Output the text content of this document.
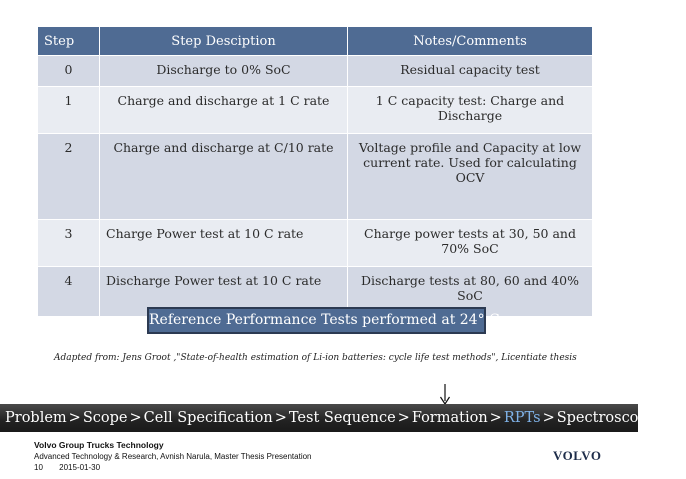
Step	Step Desciption	Notes/Comments
0	Discharge to 0% SoC	Residual capacity test
1	Charge and discharge at 1 C rate	1 C capacity test: Charge and Discharge
2	Charge and discharge at C/10 rate	Voltage profile and Capacity at low current rate. Used for calculating OCV
3	Charge Power test at 10 C rate	Charge power tests at 30, 50 and 70% SoC
4	Discharge Power test at 10 C rate	Discharge tests at 80, 60 and 40% SoC
Reference Performance Tests performed at 24° C
Adapted from: Jens Groot ,"State-of-health estimation of Li-ion batteries: cycle life test methods", Licentiate thesis
Problem > Scope > Cell Specification > Test Sequence > Formation > RPTs > Spectroscopy > ...
Volvo Group Trucks Technology
Advanced Technology & Research, Avnish Narula, Master Thesis Presentation
10 2015-01-30
VOLVO
